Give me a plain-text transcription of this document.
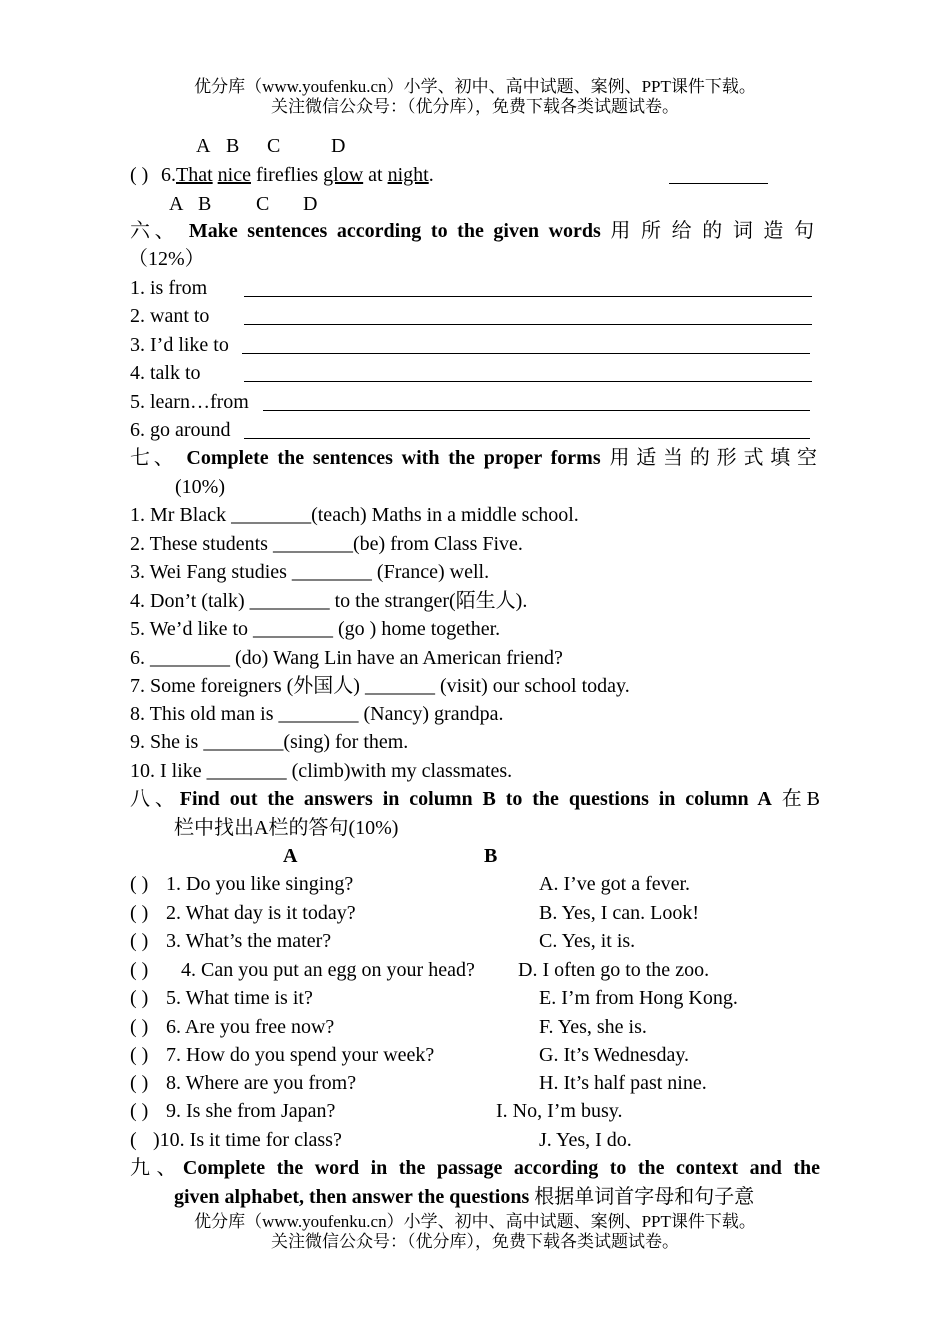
优分库（www.youfenku.cn）小学、初中、高中试题、案例、PPT课件下载。
关注微信公众号：（优分库），免费下载各类试题试卷。
A B C	D
( ) 6.That nice fireflies glow at night.
A B C D
六、 Make sentences according to the given words 用所给的词造句
（12%）
1. is from
2. want to
3. I’d like to
4. talk to
5. learn…from
6. go around
七、 Complete the sentences with the proper forms 用适当的形式填空
(10%)
1. Mr Black ________(teach) Maths in a middle school.
2. These students ________(be) from Class Five.
3. Wei Fang studies ________ (France) well.
4. Don’t (talk) ________ to the stranger(陌生人).
5. We’d like to ________ (go ) home together.
6. ________ (do) Wang Lin have an American friend?
7. Some foreigners (外国人) _______ (visit) our school today.
8. This old man is ________ (Nancy) grandpa.
9. She is ________(sing) for them.
10. I like ________ (climb)with my classmates.
八、Find out the answers in column B to the questions in column A 在B
栏中找出A栏的答句(10%)
A	B
( ) 1. Do you like singing?	A. I’ve got a fever.
( ) 2. What day is it today?	B. Yes, I can. Look!
( ) 3. What’s the mater?	C. Yes, it is.
( ) 4. Can you put an egg on your head? D. I often go to the zoo.
( ) 5. What time is it?	E. I’m from Hong Kong.
( ) 6. Are you free now?	F. Yes, she is.
( ) 7. How do you spend your week?	G. It’s Wednesday.
( ) 8. Where are you from?	H. It’s half past nine.
( ) 9. Is she from Japan?	I. No, I’m busy.
( )10. Is it time for class?	J. Yes, I do.
九、Complete the word in the passage according to the context and the
given alphabet, then answer the questions 根据单词首字母和句子意
优分库（www.youfenku.cn）小学、初中、高中试题、案例、PPT课件下载。
关注微信公众号：（优分库），免费下载各类试题试卷。
